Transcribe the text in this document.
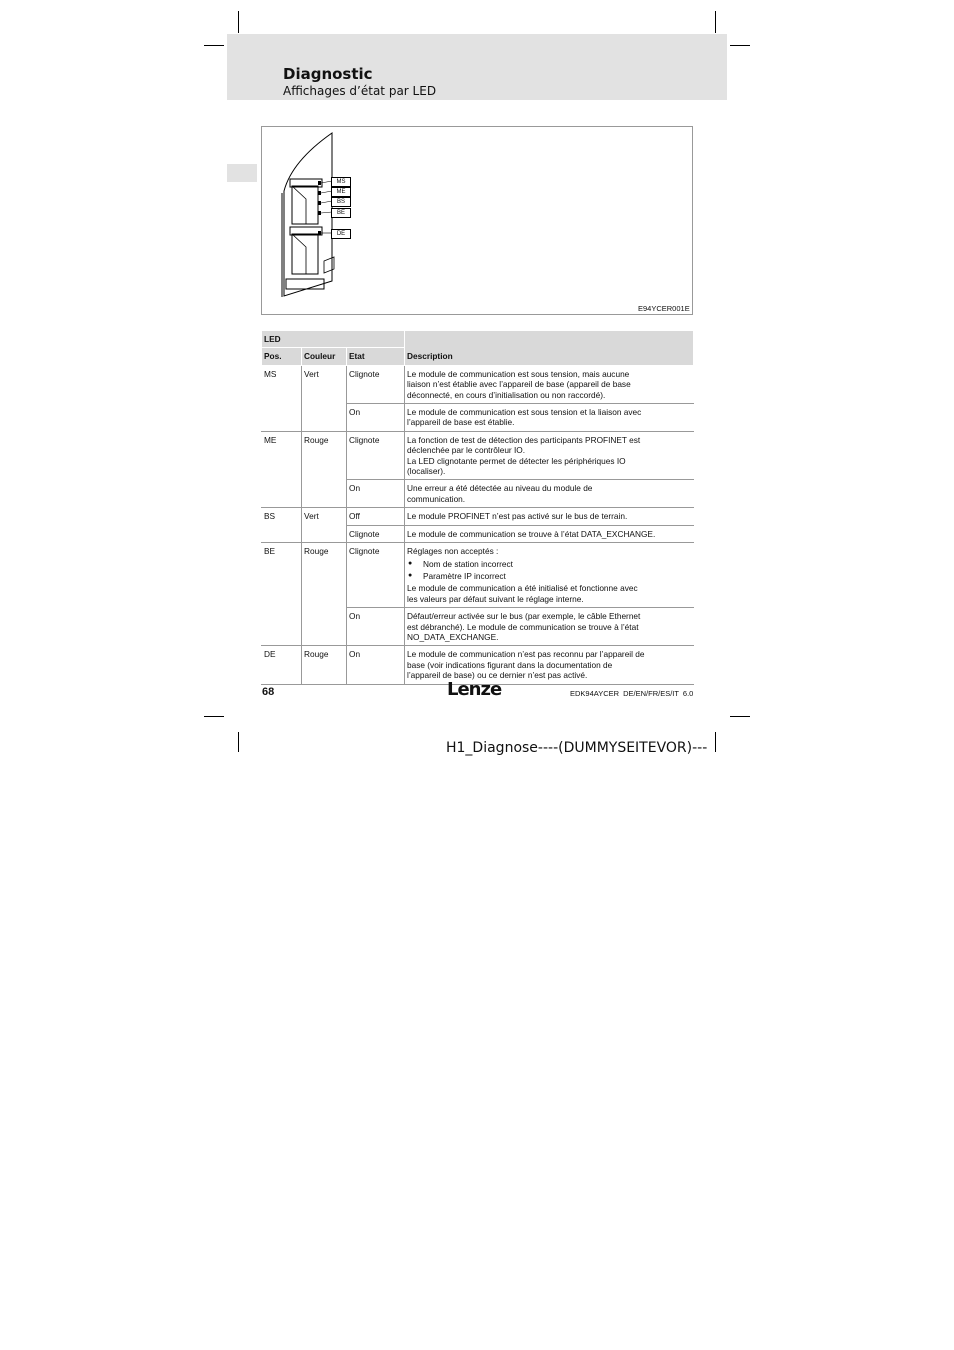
Diagnostic
Affichages d’état par LED
MS
ME
BS
BE
DE
E94YCER001E
LED			Description
Pos.	Couleur	Etat	
MS	Vert	Clignote	Le module de communication est sous tension, mais aucune
liaison n’est établie avec l’appareil de base (appareil de base
déconnecté, en cours d’initialisation ou non raccordé).

		On	Le module de communication est sous tension et la liaison avec
l’appareil de base est établie.

ME	Rouge	Clignote	La fonction de test de détection des participants PROFINET est
déclenchée par le contrôleur IO.
La LED clignotante permet de détecter les périphériques IO
(localiser).

		On	Une erreur a été détectée au niveau du module de
communication.

BS	Vert	Off	Le module PROFINET n’est pas activé sur le bus de terrain.

		Clignote	Le module de communication se trouve à l’état DATA_EXCHANGE.

BE	Rouge	Clignote	Réglages non acceptés :
● Nom de station incorrect
● Paramètre IP incorrect
Le module de communication a été initialisé et fonctionne avec
les valeurs par défaut suivant le réglage interne.

		On	Défaut/erreur activée sur le bus (par exemple, le câble Ethernet
est débranché). Le module de communication se trouve à l’état
NO_DATA_EXCHANGE.

DE	Rouge	On	Le module de communication n’est pas reconnu par l’appareil de
base (voir indications figurant dans la documentation de
l’appareil de base) ou ce dernier n’est pas activé.
68	Lenze	EDK94AYCER DE/EN/FR/ES/IT 6.0
H1_Diagnose----(DUMMYSEITEVOR)---
